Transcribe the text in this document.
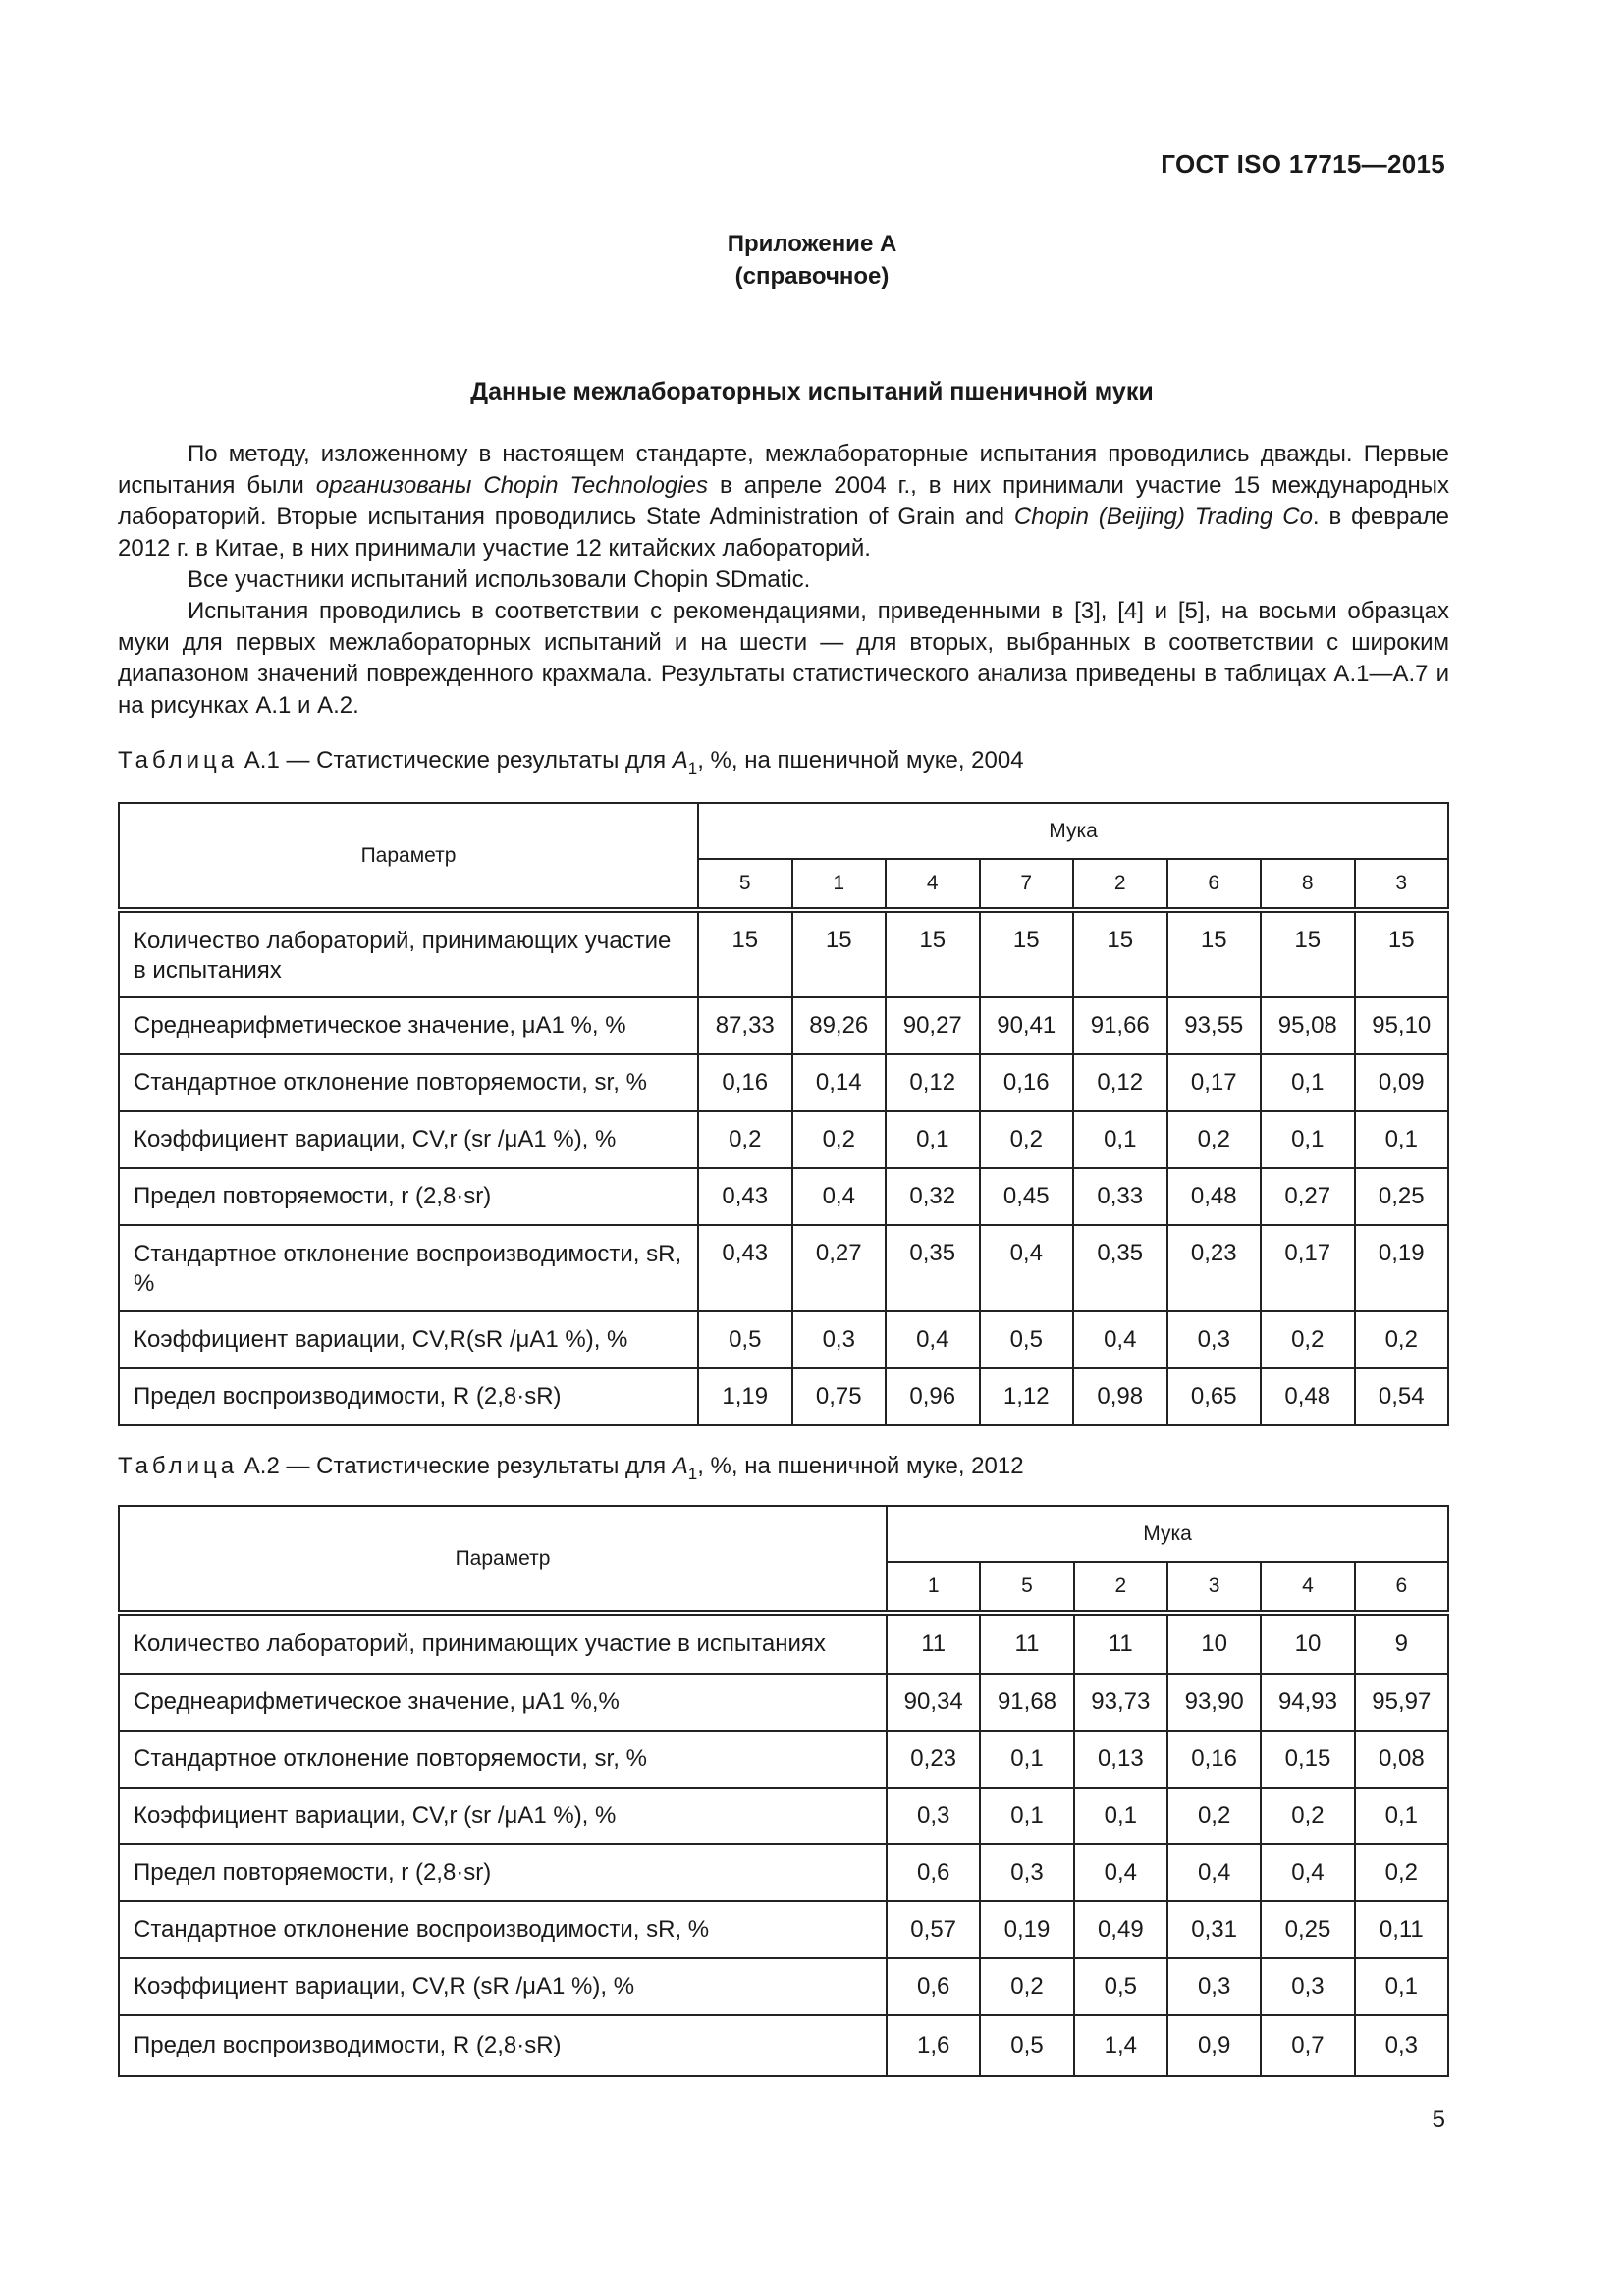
ГОСТ ISO 17715—2015
Приложение А
(справочное)
Данные межлабораторных испытаний пшеничной муки

По методу, изложенному в настоящем стандарте, межлабораторные испытания проводились дважды. Первые испытания были организованы Chopin Technologies в апреле 2004 г., в них принимали участие 15 международных лабораторий. Вторые испытания проводились State Administration of Grain and Chopin (Beijing) Trading Co. в феврале 2012 г. в Китае, в них принимали участие 12 китайских лабораторий.

Все участники испытаний использовали Chopin SDmatic.

Испытания проводились в соответствии с рекомендациями, приведенными в [3], [4] и [5], на восьми образцах муки для первых межлабораторных испытаний и на шести — для вторых, выбранных в соответствии с широким диапазоном значений поврежденного крахмала. Результаты статистического анализа приведены в таблицах А.1—А.7 и на рисунках А.1 и А.2.

Таблица А.1 — Статистические результаты для $A_1$, %, на пшеничной муке, 2004
Параметр	Мука							
	5	1	4	7	2	6	8	3
Количество лабораторий, принимающих участие в испытаниях	15	15	15	15	15	15	15	15
Среднеарифметическое значение, μA1 %, %	87,33	89,26	90,27	90,41	91,66	93,55	95,08	95,10
Стандартное отклонение повторяемости, sr, %	0,16	0,14	0,12	0,16	0,12	0,17	0,1	0,09
Коэффициент вариации, CV,r (sr /μA1 %), %	0,2	0,2	0,1	0,2	0,1	0,2	0,1	0,1
Предел повторяемости, r (2,8·sr)	0,43	0,4	0,32	0,45	0,33	0,48	0,27	0,25
Стандартное отклонение воспроизводимости, sR, %	0,43	0,27	0,35	0,4	0,35	0,23	0,17	0,19
Коэффициент вариации, CV,R(sR /μA1 %), %	0,5	0,3	0,4	0,5	0,4	0,3	0,2	0,2
Предел воспроизводимости, R (2,8·sR)	1,19	0,75	0,96	1,12	0,98	0,65	0,48	0,54
Таблица А.2 — Статистические результаты для $A_1$, %, на пшеничной муке, 2012
Параметр	Мука					
	1	5	2	3	4	6
Количество лабораторий, принимающих участие в испытаниях	11	11	11	10	10	9
Среднеарифметическое значение, μA1 %,%	90,34	91,68	93,73	93,90	94,93	95,97
Стандартное отклонение повторяемости, sr, %	0,23	0,1	0,13	0,16	0,15	0,08
Коэффициент вариации, CV,r (sr /μA1 %), %	0,3	0,1	0,1	0,2	0,2	0,1
Предел повторяемости, r (2,8·sr)	0,6	0,3	0,4	0,4	0,4	0,2
Стандартное отклонение воспроизводимости, sR, %	0,57	0,19	0,49	0,31	0,25	0,11
Коэффициент вариации, CV,R (sR /μA1 %), %	0,6	0,2	0,5	0,3	0,3	0,1
Предел воспроизводимости, R (2,8·sR)	1,6	0,5	1,4	0,9	0,7	0,3
5
